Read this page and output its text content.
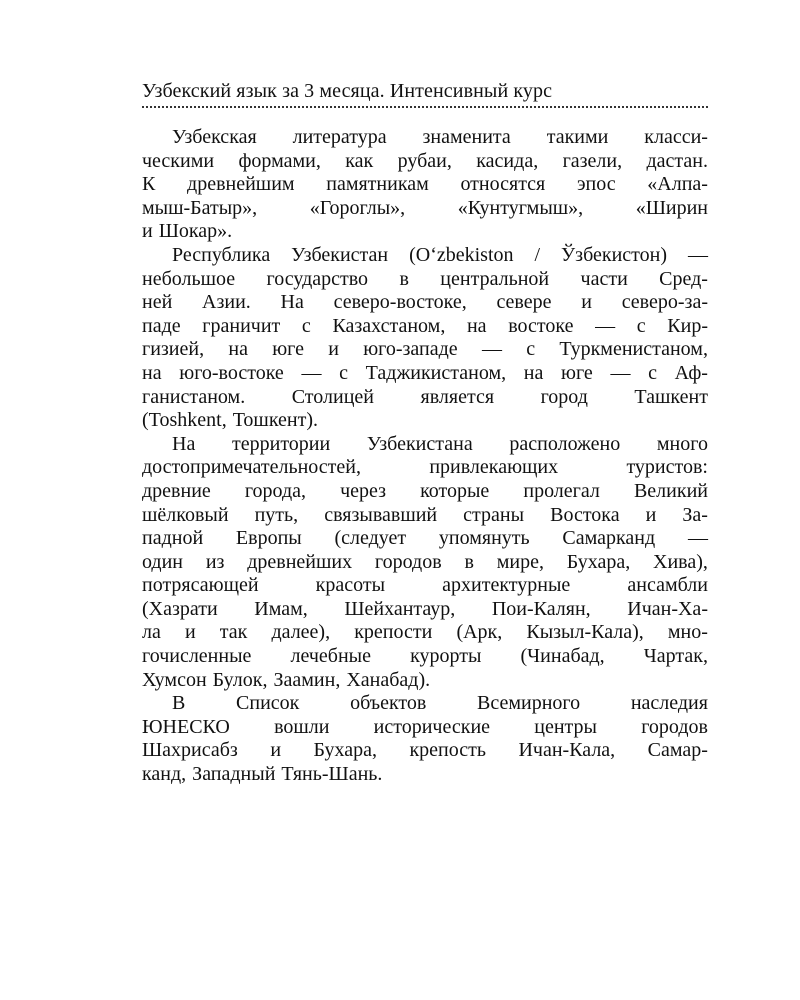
Узбекский язык за 3 месяца. Интенсивный курс
Узбекская литература знаменита такими класси-
ческими формами, как рубаи, касида, газели, дастан.
К древнейшим памятникам относятся эпос «Алпа-
мыш-Батыр»,	«Гороглы»,	«Кунтугмыш»,	«Ширин
и Шокар».
Республика Узбекистан (Oʻzbekiston / Ўзбекистон) —
небольшое государство в центральной части Сред-
ней Азии. На северо-востоке, севере и северо-за-
паде граничит с Казахстаном, на востоке — с Кир-
гизией, на юге и юго-западе — с Туркменистаном,
на юго-востоке — с Таджикистаном, на юге — с Аф-
ганистаном. Столицей является город Ташкент
(Toshkent, Тошкент).
На территории Узбекистана расположено много
достопримечательностей,	привлекающих	туристов:
древние города, через которые пролегал Великий
шёлковый путь, связывавший страны Востока и За-
падной Европы (следует упомянуть Самарканд —
один из древнейших городов в мире, Бухара, Хива),
потрясающей	красоты	архитектурные	ансамбли
(Хазрати Имам, Шейхантаур, Пои-Калян, Ичан-Ха-
ла и так далее), крепости (Арк, Кызыл-Кала), мно-
гочисленные лечебные курорты (Чинабад, Чартак,
Хумсон Булок, Заамин, Ханабад).
В	Список	объектов	Всемирного	наследия
ЮНЕСКО вошли исторические центры городов
Шахрисабз и Бухара, крепость Ичан-Кала, Самар-
канд, Западный Тянь-Шань.
